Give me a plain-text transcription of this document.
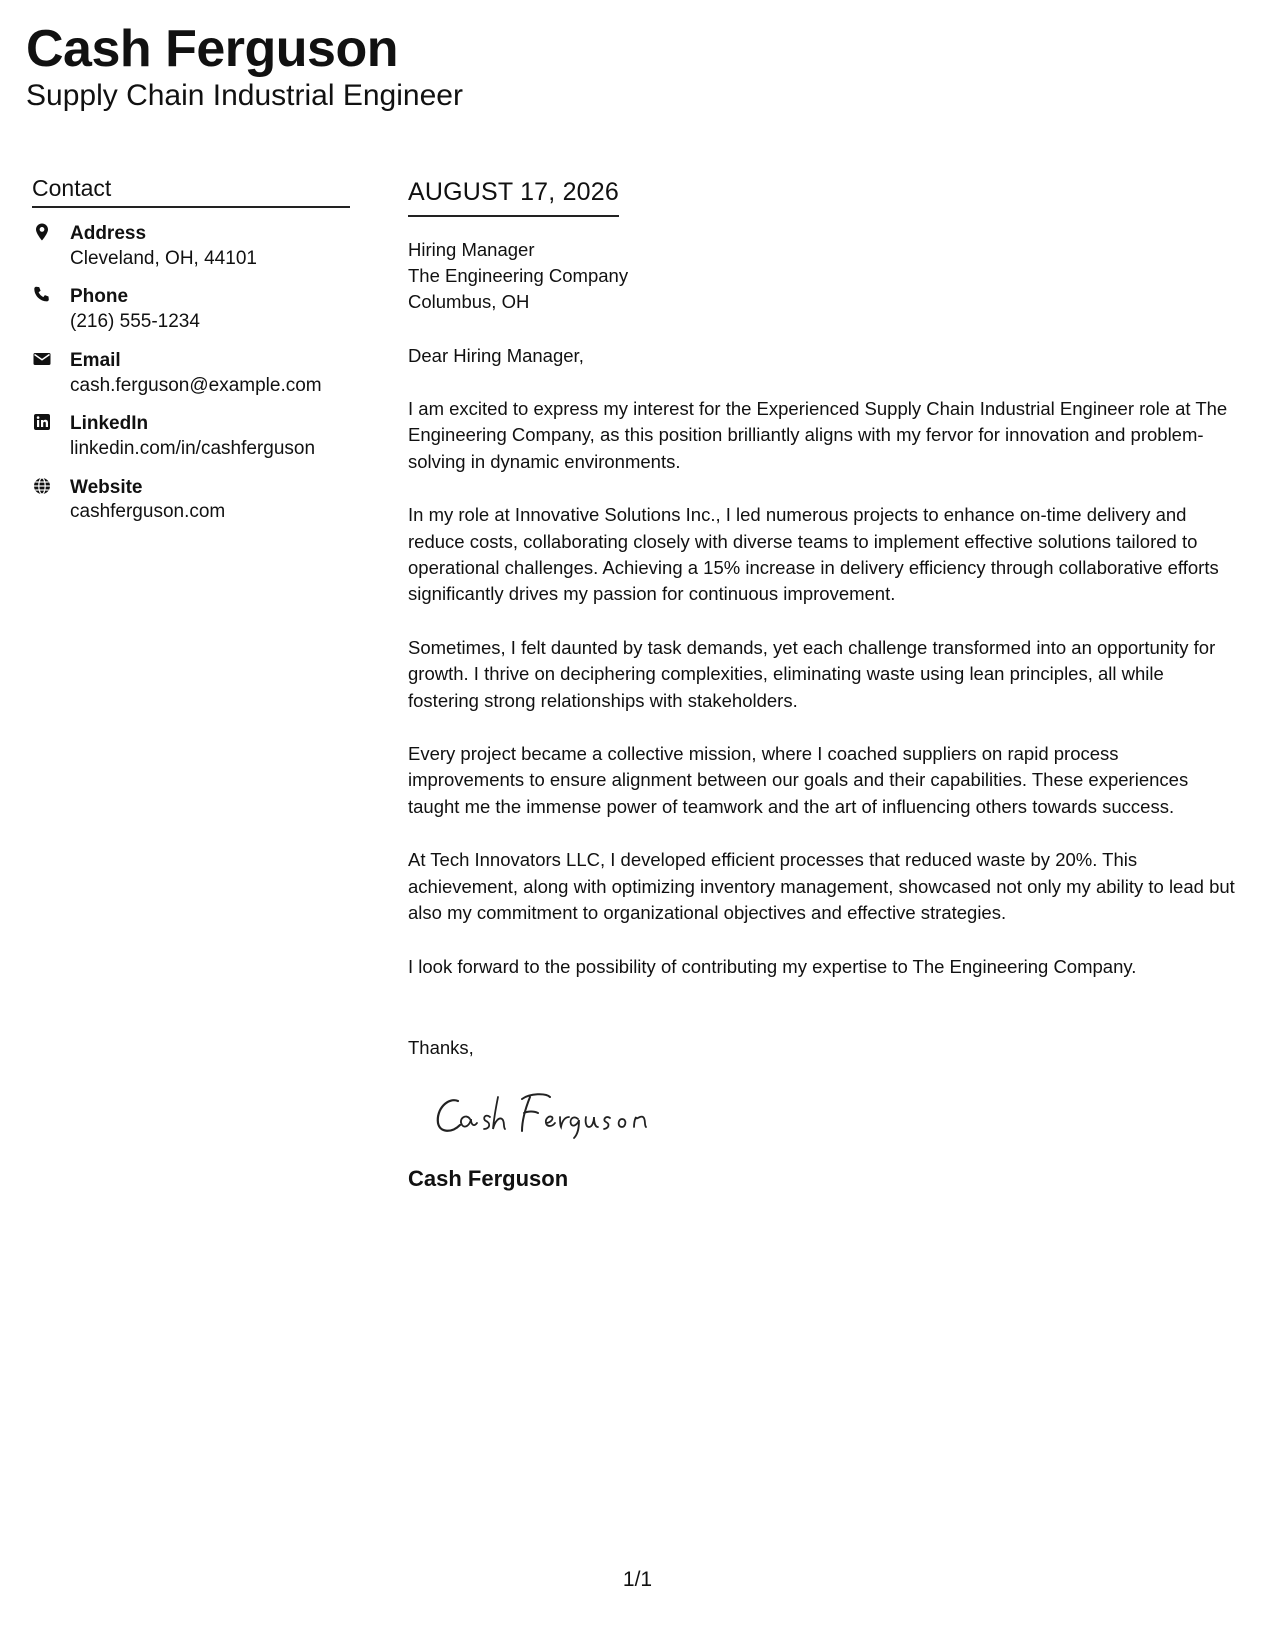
Cash Ferguson
Supply Chain Industrial Engineer
Contact
Address
Cleveland, OH, 44101
Phone
(216) 555-1234
Email
cash.ferguson@example.com
LinkedIn
linkedin.com/in/cashferguson
Website
cashferguson.com
AUGUST 17, 2026
Hiring Manager
The Engineering Company
Columbus, OH
Dear Hiring Manager,
I am excited to express my interest for the Experienced Supply Chain Industrial Engineer role at The Engineering Company, as this position brilliantly aligns with my fervor for innovation and problem-solving in dynamic environments.
In my role at Innovative Solutions Inc., I led numerous projects to enhance on-time delivery and reduce costs, collaborating closely with diverse teams to implement effective solutions tailored to operational challenges. Achieving a 15% increase in delivery efficiency through collaborative efforts significantly drives my passion for continuous improvement.
Sometimes, I felt daunted by task demands, yet each challenge transformed into an opportunity for growth. I thrive on deciphering complexities, eliminating waste using lean principles, all while fostering strong relationships with stakeholders.
Every project became a collective mission, where I coached suppliers on rapid process improvements to ensure alignment between our goals and their capabilities. These experiences taught me the immense power of teamwork and the art of influencing others towards success.
At Tech Innovators LLC, I developed efficient processes that reduced waste by 20%. This achievement, along with optimizing inventory management, showcased not only my ability to lead but also my commitment to organizational objectives and effective strategies.
I look forward to the possibility of contributing my expertise to The Engineering Company.
Thanks,
Cash Ferguson
1/1
